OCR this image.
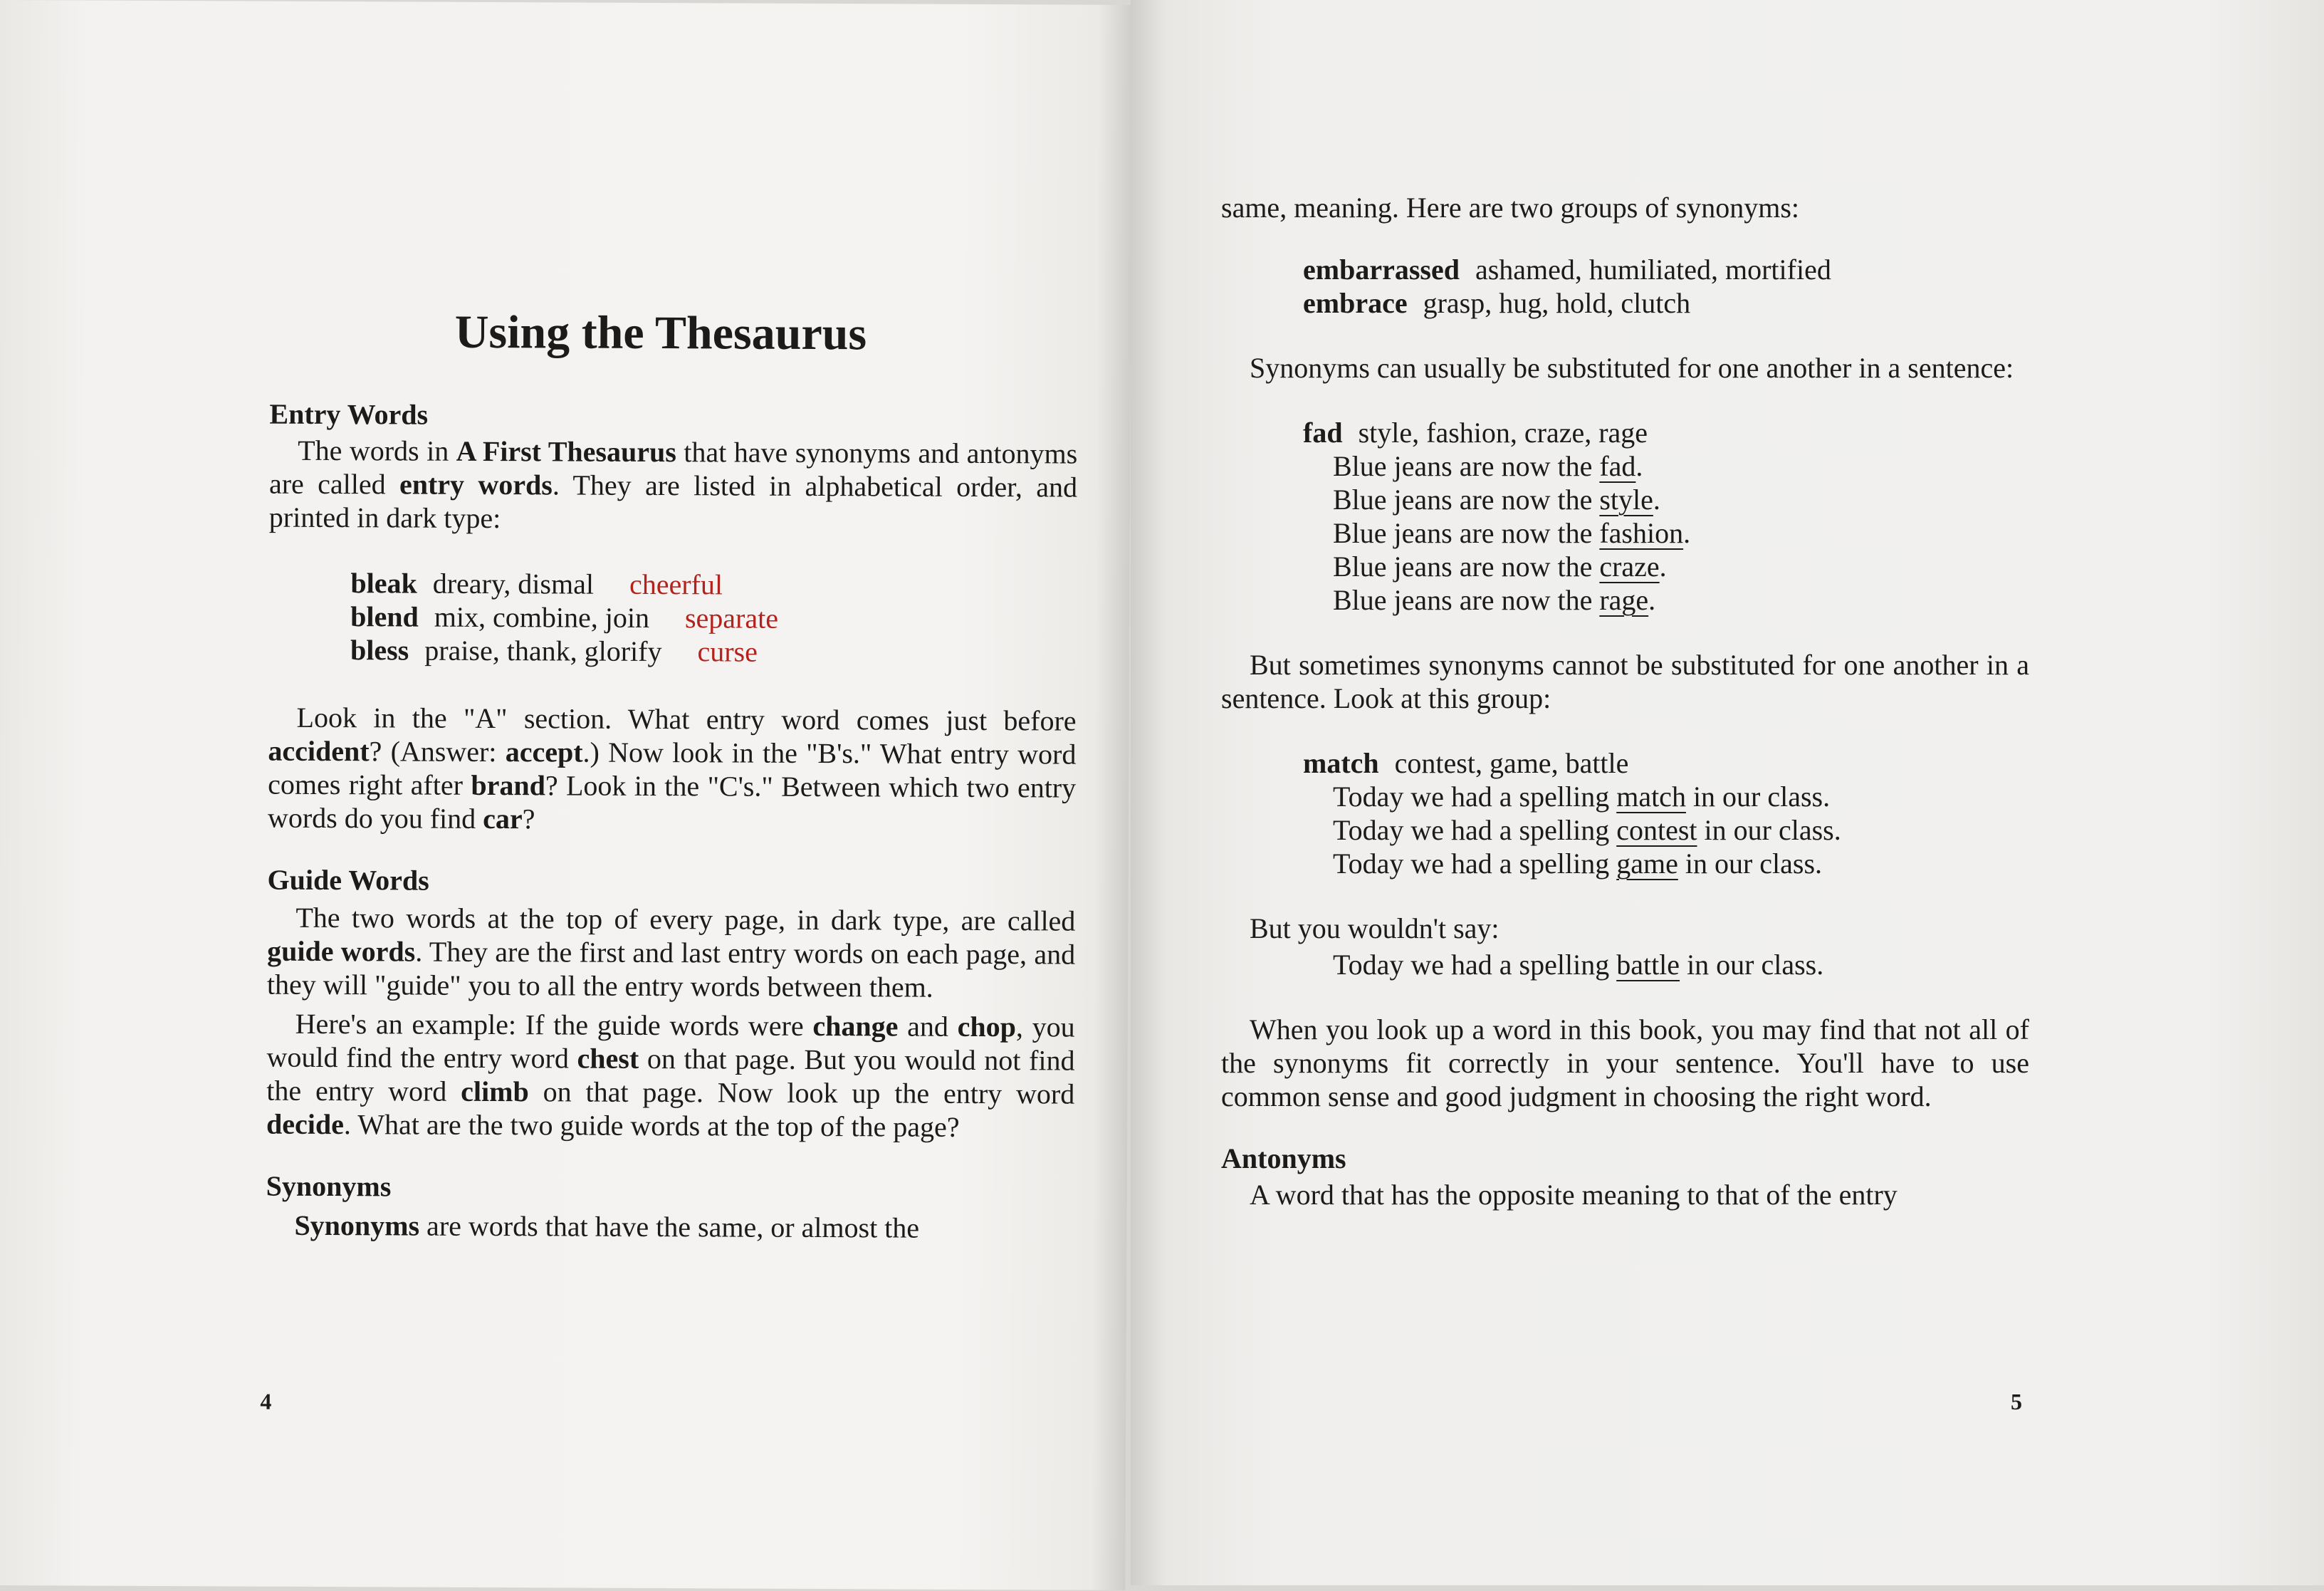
Using the Thesaurus
Entry Words

The words in A First Thesaurus that have synonyms and antonyms are called entry words. They are listed in alphabetical order, and printed in dark type:

bleak dreary, dismal cheerful
blend mix, combine, join separate
bless praise, thank, glorify curse

Look in the "A" section. What entry word comes just before accident? (Answer: accept.) Now look in the "B's." What entry word comes right after brand? Look in the "C's." Between which two entry words do you find car?

Guide Words

The two words at the top of every page, in dark type, are called guide words. They are the first and last entry words on each page, and they will "guide" you to all the entry words between them.

Here's an example: If the guide words were change and chop, you would find the entry word chest on that page. But you would not find the entry word climb on that page. Now look up the entry word decide. What are the two guide words at the top of the page?

Synonyms

Synonyms are words that have the same, or almost the

4	5

same, meaning. Here are two groups of synonyms:

embarrassed ashamed, humiliated, mortified
embrace grasp, hug, hold, clutch

Synonyms can usually be substituted for one another in a sentence:

fad style, fashion, craze, rage
Blue jeans are now the fad.
Blue jeans are now the style.
Blue jeans are now the fashion.
Blue jeans are now the craze.
Blue jeans are now the rage.

But sometimes synonyms cannot be substituted for one another in a sentence. Look at this group:

match contest, game, battle
Today we had a spelling match in our class.
Today we had a spelling contest in our class.
Today we had a spelling game in our class.

But you wouldn't say:

Today we had a spelling battle in our class.

When you look up a word in this book, you may find that not all of the synonyms fit correctly in your sentence. You'll have to use common sense and good judgment in choosing the right word.

Antonyms

A word that has the opposite meaning to that of the entry
